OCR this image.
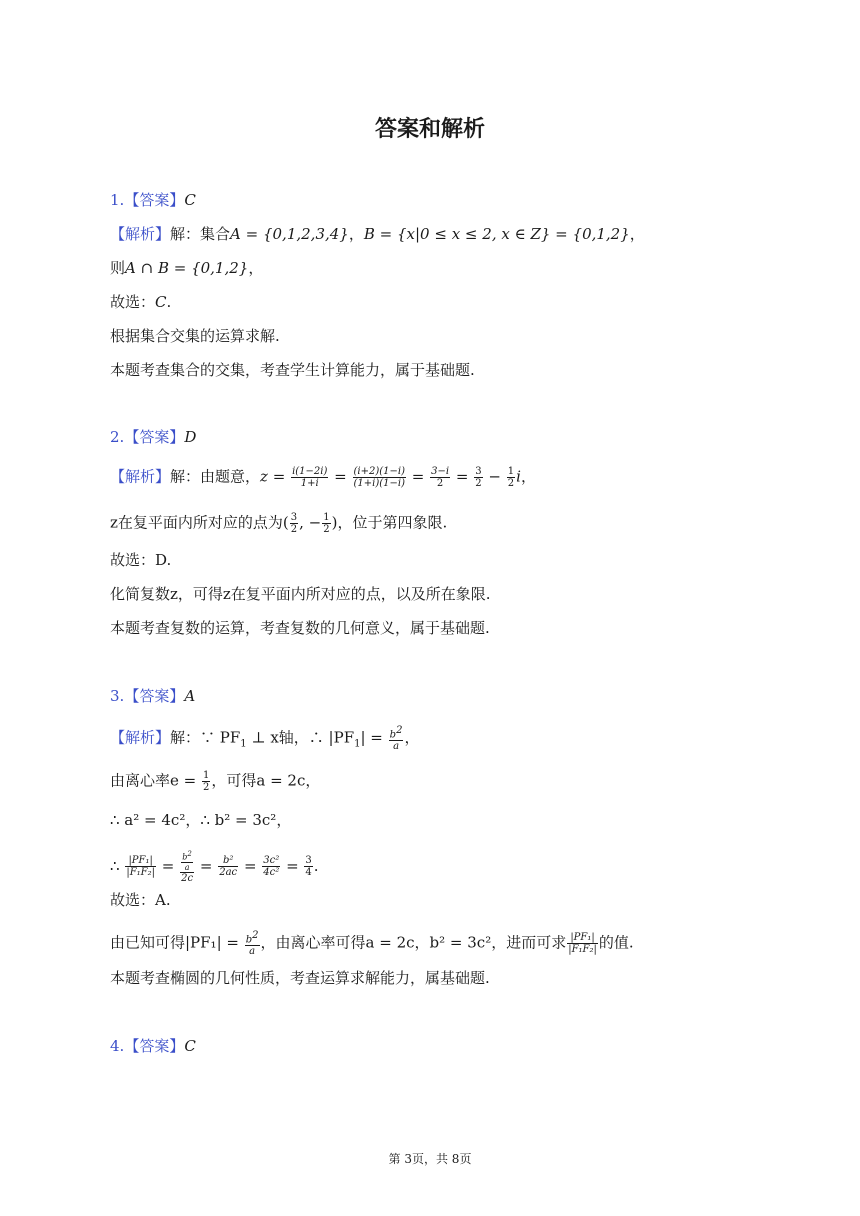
答案和解析
1.【答案】C
【解析】解：集合A = {0,1,2,3,4}，B = {x|0 ≤ x ≤ 2, x ∈ Z} = {0,1,2}，
则A ∩ B = {0,1,2}，
故选：C.
根据集合交集的运算求解.
本题考查集合的交集，考查学生计算能力，属于基础题.
2.【答案】D
【解析】解：由题意，$z = \frac{i(1-2i)}{1+i} = \frac{(i+2)(1-i)}{(1+i)(1-i)} = \frac{3-i}{2} = \frac{3}{2} - \frac{1}{2}$ i，
z在复平面内所对应的点为( $\frac{3}{2}$ , − $\frac{1}{2}$ )，位于第四象限.
故选：D.
化简复数z，可得z在复平面内所对应的点，以及所在象限.
本题考查复数的运算，考查复数的几何意义，属于基础题.
3.【答案】A
【解析】解：∵ $PF_1$ ⊥ x轴，∴ $|PF_1| = \frac{b^2}{a}$ ，
由离心率$e = \frac{1}{2}$ ，可得a = 2c，
∴ a² = 4c²，∴ b² = 3c²，
∴ $\frac{\text{|PF₁|}}{\text{|F₁F₂|}} = \frac{\frac{b^2}{a}}{2c} = \frac{\text{b²}}{2ac} = \frac{\text{3c²}}{\text{4c²}} = \frac{3}{4}$ .
故选：A.
由已知可得$|PF_1| = \frac{b^2}{a}$ ，由离心率可得a = 2c，b² = 3c²，进而可求 $\frac{\text{|PF₁|}}{\text{|F₁F₂|}}$ 的值.
本题考查椭圆的几何性质，考查运算求解能力，属基础题.
4.【答案】C
第 3页，共 8页
